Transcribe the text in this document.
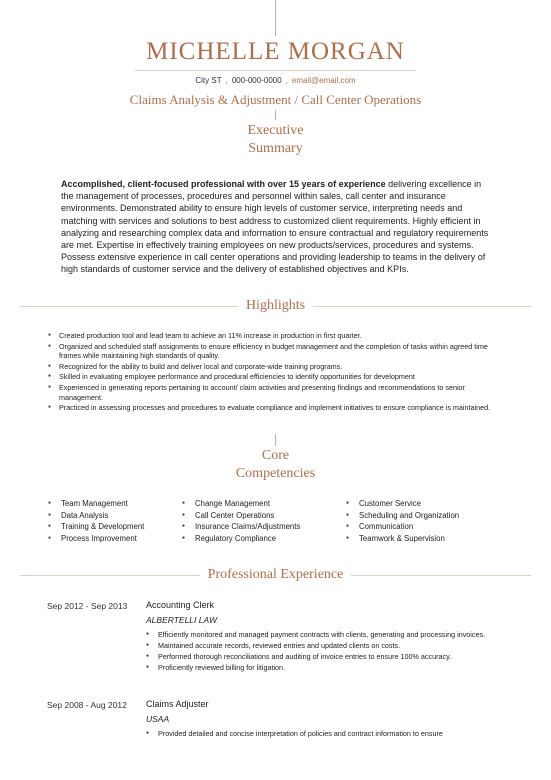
MICHELLE MORGAN
City ST , 000-000-0000 , email@email.com
Claims Analysis & Adjustment / Call Center Operations
Executive
Summary
Accomplished, client-focused professional with over 15 years of experience delivering excellence in the management of processes, procedures and personnel within sales, call center and insurance environments. Demonstrated ability to ensure high levels of customer service, interpreting needs and matching with services and solutions to best address to customized client requirements. Highly efficient in analyzing and researching complex data and information to ensure contractual and regulatory requirements are met. Expertise in effectively training employees on new products/services, procedures and systems. Possess extensive experience in call center operations and providing leadership to teams in the delivery of high standards of customer service and the delivery of established objectives and KPIs.
Highlights
● Created production tool and lead team to achieve an 11% increase in production in first quarter.
● Organized and scheduled staff assignments to ensure efficiency in budget management and the completion of tasks within agreed time frames while maintaining high standards of quality.
● Recognized for the ability to build and deliver local and corporate-wide training programs.
● Skilled in evaluating employee performance and procedural efficiencies to identify opportunities for development
● Experienced in generating reports pertaining to account/ claim activities and presenting findings and recommendations to senior management.
● Practiced in assessing processes and procedures to evaluate compliance and implement initiatives to ensure compliance is maintained.
Core
Competencies
● Team Management
● Data Analysis
● Training & Development
● Process Improvement
● Change Management
● Call Center Operations
● Insurance Claims/Adjustments
● Regulatory Compliance
● Customer Service
● Scheduling and Organization
● Communication
● Teamwork & Supervision
Professional Experience
Sep 2012 - Sep 2013 Accounting Clerk
ALBERTELLI LAW
● Efficiently monitored and managed payment contracts with clients, generating and processing invoices.
● Maintained accurate records, reviewed entries and updated clients on costs.
● Performed thorough reconciliations and auditing of invoice entries to ensure 100% accuracy.
● Proficiently reviewed billing for litigation.
Sep 2008 - Aug 2012 Claims Adjuster
USAA
● Provided detailed and concise interpretation of policies and contract information to ensure
